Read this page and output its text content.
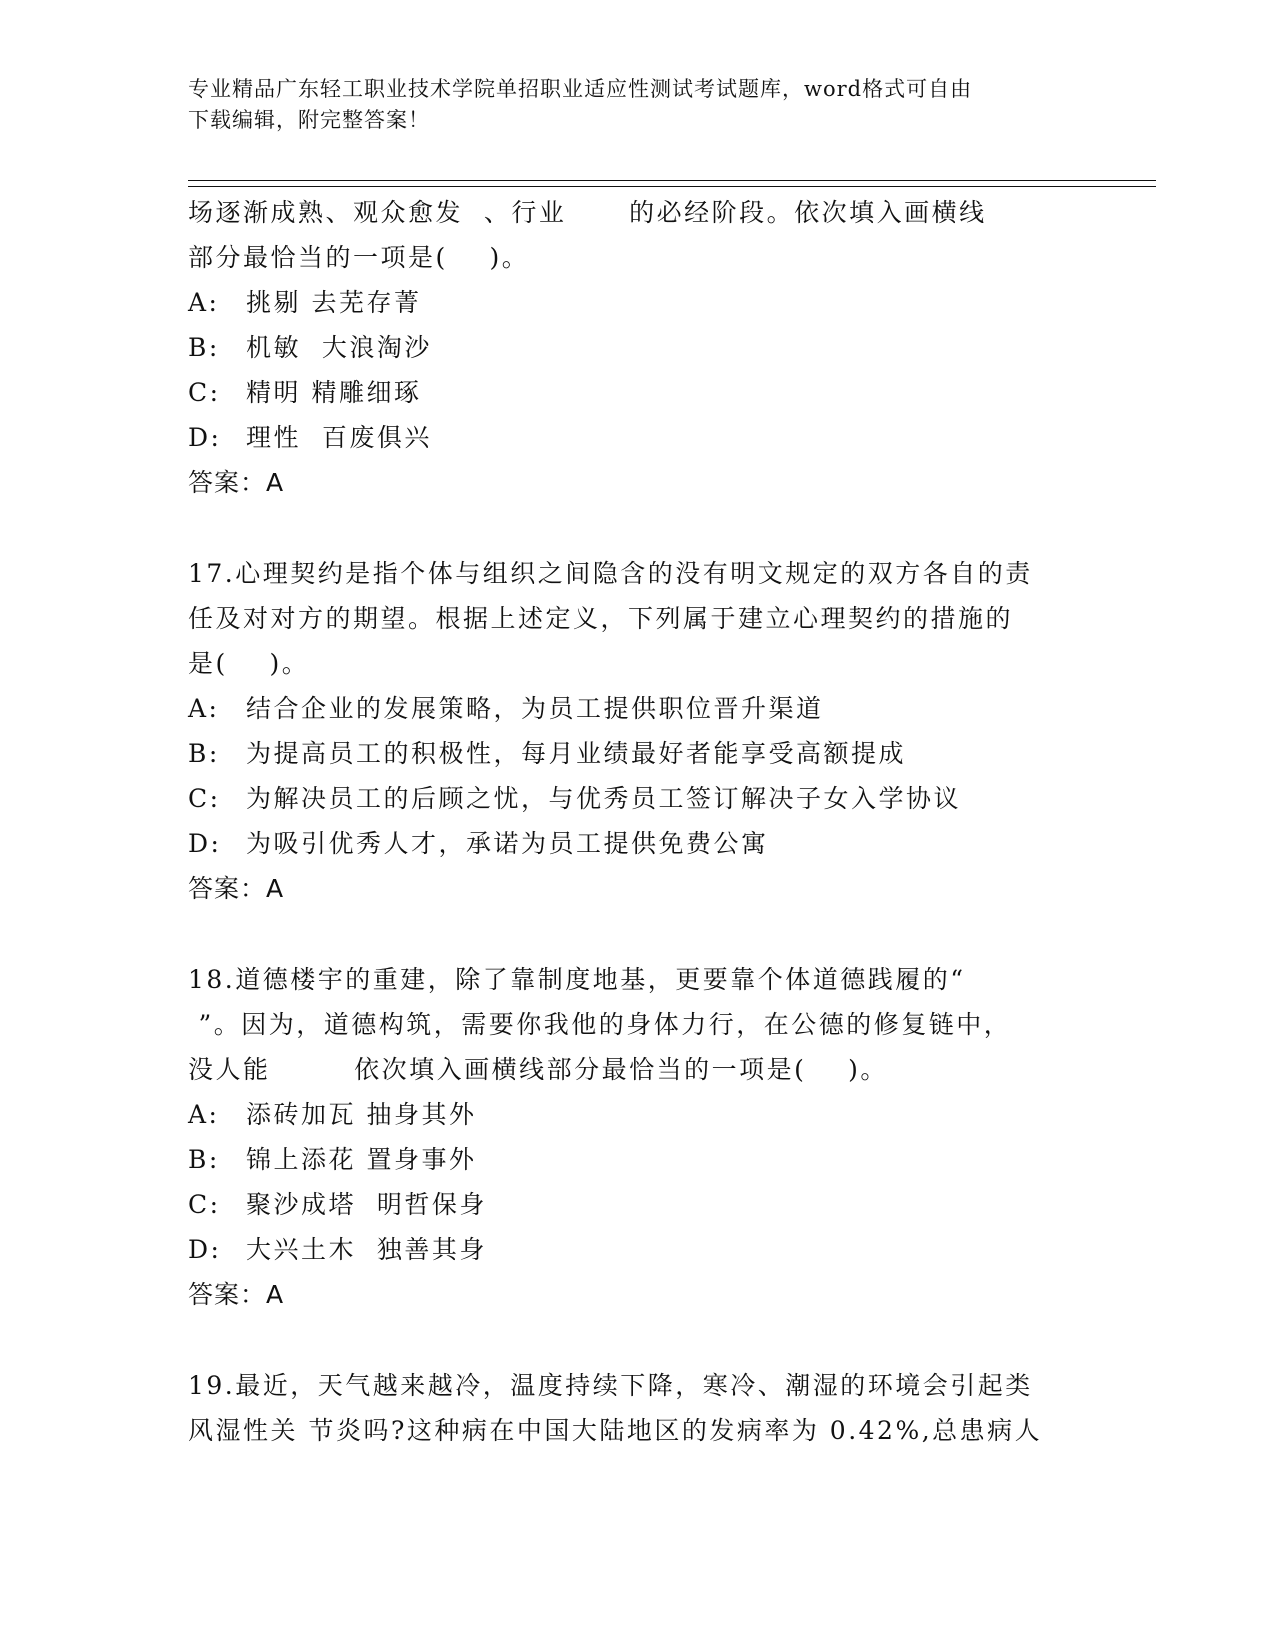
专业精品广东轻工职业技术学院单招职业适应性测试考试题库，word格式可自由
下载编辑，附完整答案！

场逐渐成熟、观众愈发  、行业      的必经阶段。依次填入画横线

部分最恰当的一项是(    )。

A: 挑剔 去芜存菁
B: 机敏  大浪淘沙
C: 精明 精雕细琢
D: 理性  百废俱兴
答案：A

17.心理契约是指个体与组织之间隐含的没有明文规定的双方各自的责

任及对对方的期望。根据上述定义，下列属于建立心理契约的措施的

是(    )。

A: 结合企业的发展策略，为员工提供职位晋升渠道
B: 为提高员工的积极性，每月业绩最好者能享受高额提成
C: 为解决员工的后顾之忧，与优秀员工签订解决子女入学协议
D: 为吸引优秀人才，承诺为员工提供免费公寓
答案：A

18.道德楼宇的重建，除了靠制度地基，更要靠个体道德践履的“

”。因为，道德构筑，需要你我他的身体力行，在公德的修复链中，

没人能        依次填入画横线部分最恰当的一项是(    )。

A: 添砖加瓦 抽身其外
B: 锦上添花 置身事外
C: 聚沙成塔  明哲保身
D: 大兴土木  独善其身
答案：A

19.最近，天气越来越冷，温度持续下降，寒冷、潮湿的环境会引起类

风湿性关 节炎吗?这种病在中国大陆地区的发病率为 0.42%,总患病人
